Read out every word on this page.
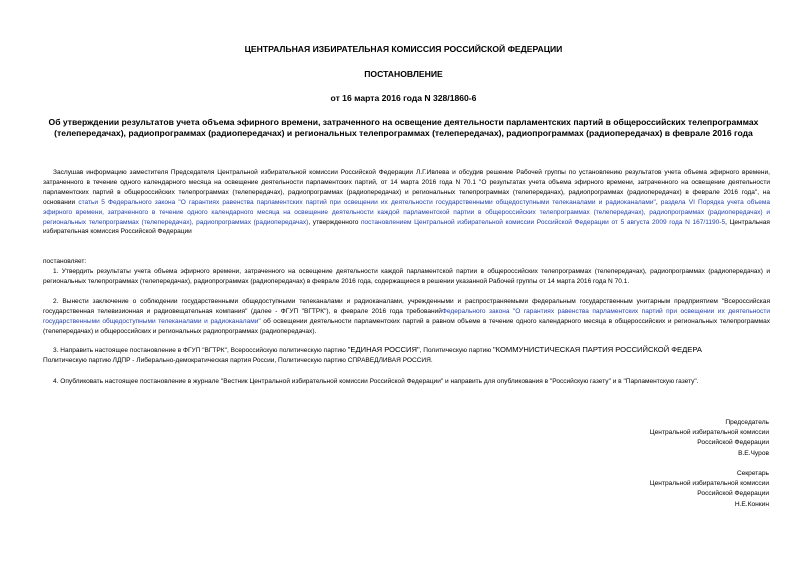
ЦЕНТРАЛЬНАЯ ИЗБИРАТЕЛЬНАЯ КОМИССИЯ РОССИЙСКОЙ ФЕДЕРАЦИИ
ПОСТАНОВЛЕНИЕ
от 16 марта 2016 года N 328/1860-6
Об утверждении результатов учета объема эфирного времени, затраченного на освещение деятельности парламентских партий в общероссийских телепрограммах (телепередачах), радиопрограммах (радиопередачах) и региональных телепрограммах (телепередачах), радиопрограммах (радиопередачах) в феврале 2016 года
Заслушав информацию заместителя Председателя Центральной избирательной комиссии Российской Федерации Л.Г.Ивлева и обсудив решение Рабочей группы по установлению результатов учета объема эфирного времени, затраченного в течение одного календарного месяца на освещение деятельности парламентских партий, от 14 марта 2016 года N 70.1 "О результатах учета объема эфирного времени, затраченного на освещение деятельности парламентских партий в общероссийских телепрограммах (телепередачах), радиопрограммах (радиопередачах) и региональных телепрограммах (телепередачах), радиопрограммах (радиопередачах) в феврале 2016 года", на основании статьи 5 Федерального закона "О гарантиях равенства парламентских партий при освещении их деятельности государственными общедоступными телеканалами и радиоканалами", раздела VI Порядка учета объема эфирного времени, затраченного в течение одного календарного месяца на освещение деятельности каждой парламентской партии в общероссийских телепрограммах (телепередачах), радиопрограммах (радиопередачах) и региональных телепрограммах (телепередачах), радиопрограммах (радиопередачах), утвержденного постановлением Центральной избирательной комиссии Российской Федерации от 5 августа 2009 года N 167/1190-5, Центральная избирательная комиссия Российской Федерации
постановляет:
1. Утвердить результаты учета объема эфирного времени, затраченного на освещение деятельности каждой парламентской партии в общероссийских телепрограммах (телепередачах), радиопрограммах (радиопередачах) и региональных телепрограммах (телепередачах), радиопрограммах (радиопередачах) в феврале 2016 года, содержащиеся в решении указанной Рабочей группы от 14 марта 2016 года N 70.1.
2. Вынести заключение о соблюдении государственными общедоступными телеканалами и радиоканалами, учрежденными и распространяемыми федеральным государственным унитарным предприятием "Всероссийская государственная телевизионная и радиовещательная компания" (далее - ФГУП "ВГТРК"), в феврале 2016 года требованийФедерального закона "О гарантиях равенства парламентских партий при освещении их деятельности государственными общедоступными телеканалами и радиоканалами" об освещении деятельности парламентских партий в равном объеме в течение одного календарного месяца в общероссийских и региональных телепрограммах (телепередачах) и общероссийских и региональных радиопрограммах (радиопередачах).
3. Направить настоящее постановление в ФГУП "ВГТРК", Всероссийскую политическую партию "ЕДИНАЯ РОССИЯ", Политическую партию "КОММУНИСТИЧЕСКАЯ ПАРТИЯ РОССИЙСКОЙ ФЕДЕРА
Политическую партию ЛДПР - Либерально-демократическая партия России, Политическую партию СПРАВЕДЛИВАЯ РОССИЯ.
4. Опубликовать настоящее постановление в журнале "Вестник Центральной избирательной комиссии Российской Федерации" и направить для опубликования в "Российскую газету" и в "Парламентскую газету".
Председатель
Центральной избирательной комиссии
Российской Федерации
В.Е.Чуров
Секретарь
Центральной избирательной комиссии
Российской Федерации
Н.Е.Конкин
